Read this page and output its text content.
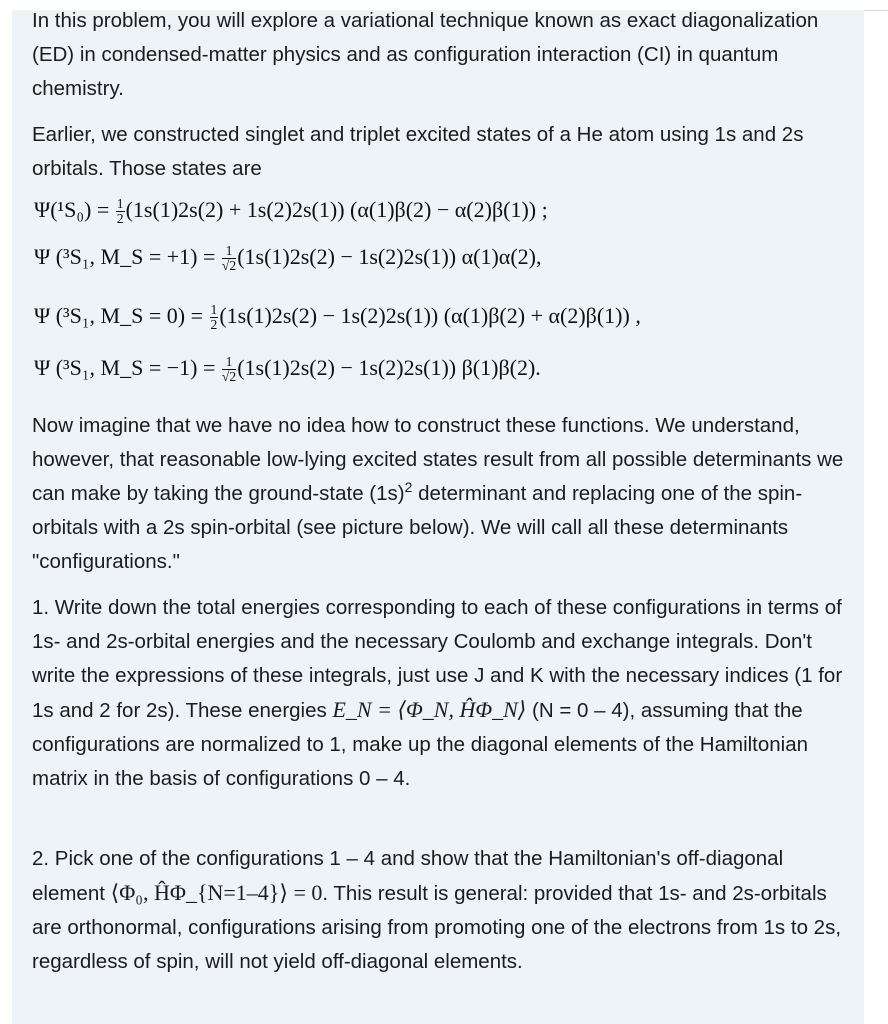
In this problem, you will explore a variational technique known as exact diagonalization (ED) in condensed-matter physics and as configuration interaction (CI) in quantum chemistry.

Earlier, we constructed singlet and triplet excited states of a He atom using 1s and 2s orbitals. Those states are

$\Psi(^1S_0) = \frac{1}{2} (1s(1)2s(2) + 1s(2)2s(1)) (\alpha(1)\beta(2) - \alpha(2)\beta(1))$ ;
Ψ (³S₁, M_S = $+1) = \frac{1}{√2} (1s(1)2s(2) - 1s(2)2s(1))$ α(1)α(2),
Ψ (³S₁, M_S = $0) = \frac{1}{2} (1s(1)2s(2) - 1s(2)2s(1)) (\alpha(1)\beta(2) + \alpha(2)\beta(1))$ ,
Ψ (³S₁, M_S = $-1) = \frac{1}{√2} (1s(1)2s(2) - 1s(2)2s(1))$ β(1)β(2).

Now imagine that we have no idea how to construct these functions. We understand, however, that reasonable low-lying excited states result from all possible determinants we can make by taking the ground-state $(1s)^2$ determinant and replacing one of the spin-orbitals with a 2s spin-orbital (see picture below). We will call all these determinants "configurations."

1. Write down the total energies corresponding to each of these configurations in terms of 1s- and 2s-orbital energies and the necessary Coulomb and exchange integrals. Don't write the expressions of these integrals, just use J and K with the necessary indices (1 for 1s and 2 for 2s). These energies E_N = ⟨Φ_N, ĤΦ_N⟩ (N = 0 – 4), assuming that the configurations are normalized to 1, make up the diagonal elements of the Hamiltonian matrix in the basis of configurations 0 – 4.

2. Pick one of the configurations 1 – 4 and show that the Hamiltonian's off-diagonal element ⟨Φ₀, ĤΦ_{N=1–4}⟩ = 0. This result is general: provided that 1s- and 2s-orbitals are orthonormal, configurations arising from promoting one of the electrons from 1s to 2s, regardless of spin, will not yield off-diagonal elements.
